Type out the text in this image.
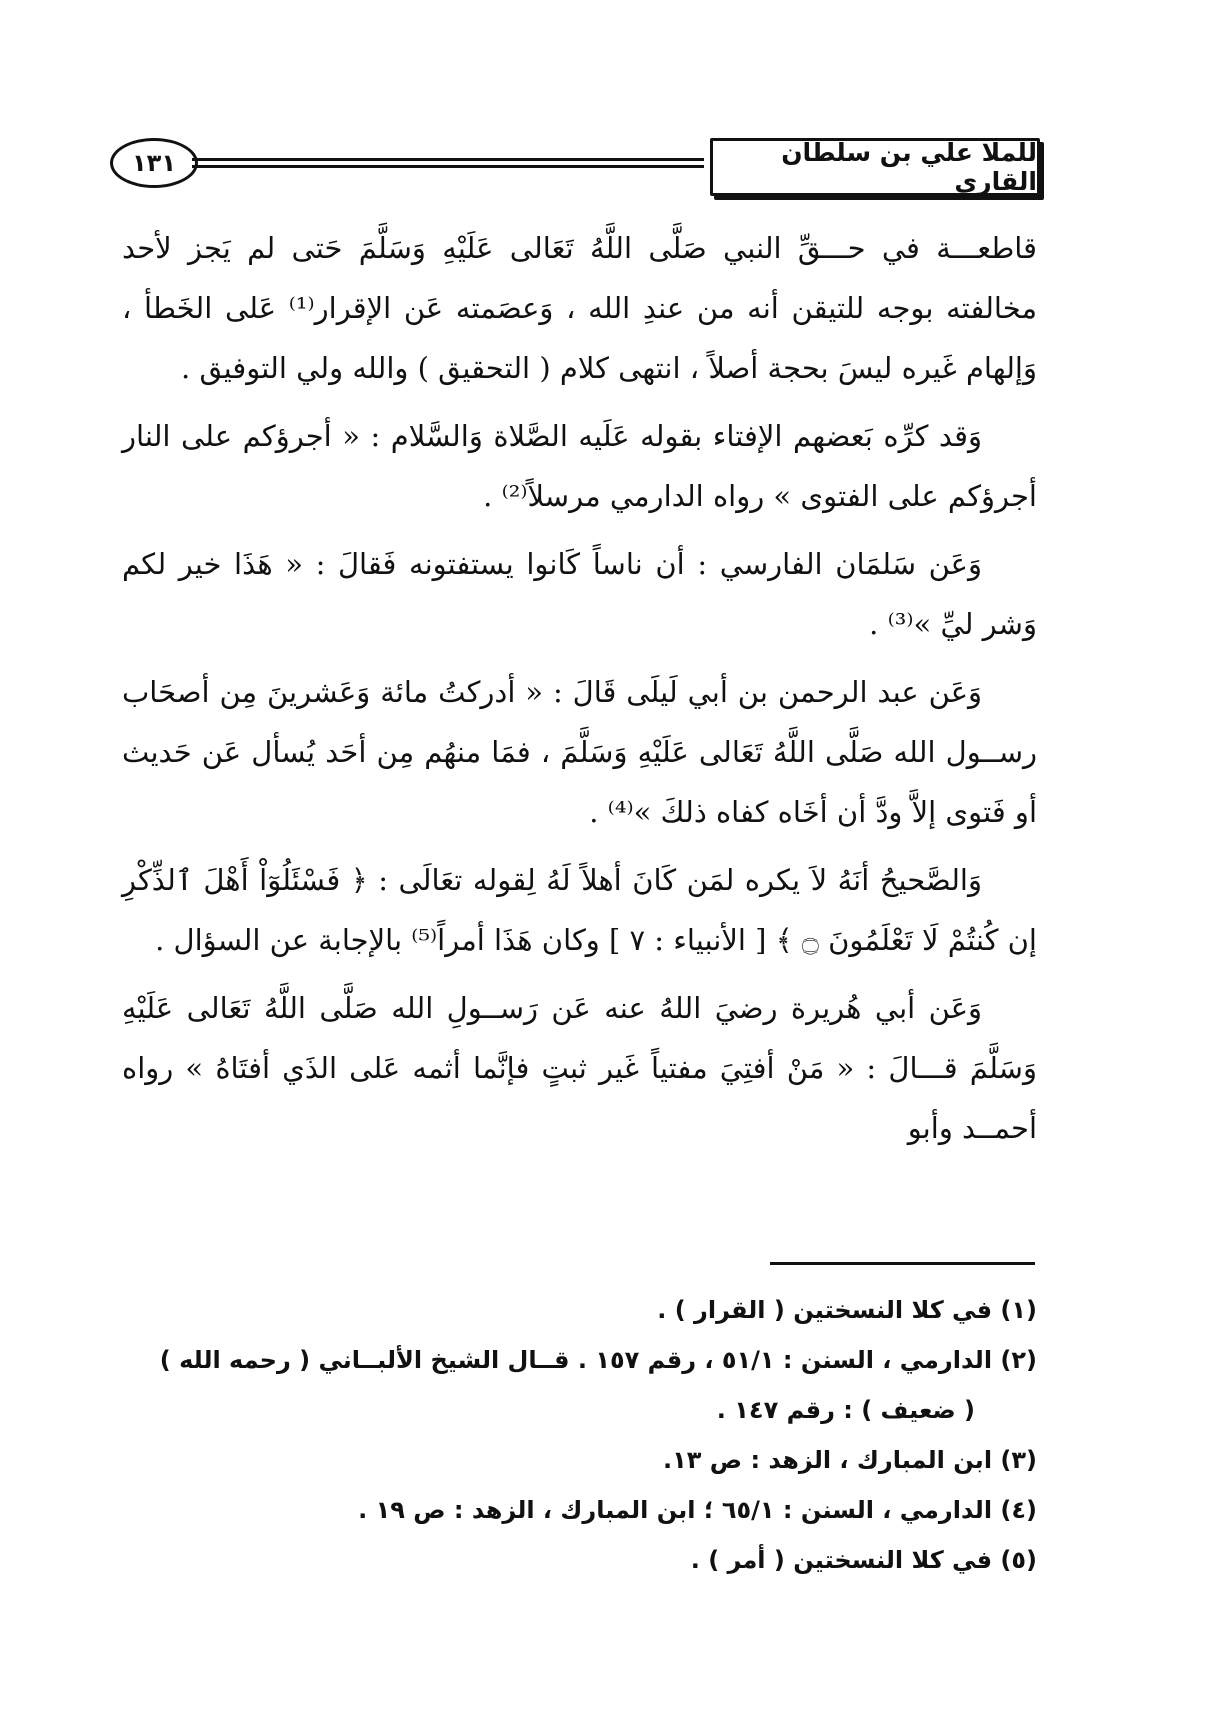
١٣١	للملا علي بن سلطان القاري

قاطعـــة في حـــقِّ النبي صَلَّى اللَّهُ تَعَالى عَلَيْهِ وَسَلَّمَ حَتى لم يَجز لأحد مخالفته بوجه للتيقن أنه من عندِ الله ، وَعصَمته عَن الإقرار⁽¹⁾ عَلى الخَطأ ، وَإلهام غَيره ليسَ بحجة أصلاً ، انتهى كلام ( التحقيق ) والله ولي التوفيق .

وَقد كرِّه بَعضهم الإفتاء بقوله عَلَيه الصَّلاة وَالسَّلام : « أجرؤكم على النار أجرؤكم على الفتوى » رواه الدارمي مرسلاً⁽²⁾ .

وَعَن سَلمَان الفارسي : أن ناساً كَانوا يستفتونه فَقالَ : « هَذَا خير لكم وَشر ليِّ »⁽³⁾ .

وَعَن عبد الرحمن بن أبي لَيلَى قَالَ : « أدركتُ مائة وَعَشرينَ مِن أصحَاب رســول الله صَلَّى اللَّهُ تَعَالى عَلَيْهِ وَسَلَّمَ ، فمَا منهُم مِن أحَد يُسأل عَن حَديث أو فَتوى إلاَّ ودَّ أن أخَاه كفاه ذلكَ »⁽⁴⁾ .

وَالصَّحيحُ أنَهُ لاَ يكره لمَن كَانَ أهلاً لَهُ لِقوله تعَالَى : ﴿ فَسْئَلُوٓاْ أَهْلَ ٱلذِّكْرِ إن كُنتُمْ لَا تَعْلَمُونَ ۝ ﴾ [ الأنبياء : ٧ ] وكان هَذَا أمراً⁽⁵⁾ بالإجابة عن السؤال .

وَعَن أبي هُريرة رضيَ اللهُ عنه عَن رَســولِ الله صَلَّى اللَّهُ تَعَالى عَلَيْهِ وَسَلَّمَ قـــالَ : « مَنْ أفتِيَ مفتياً غَير ثبتٍ فإنَّما أثمه عَلى الذَي أفتَاهُ » رواه أحمــد وأبو

(١) في كلا النسختين ( القرار ) .

(٢) الدارمي ، السنن : ٥١/١ ، رقم ١٥٧ . قــال الشيخ الألبــاني ( رحمه الله )

( ضعيف ) : رقم ١٤٧ .

(٣) ابن المبارك ، الزهد : ص ١٣.

(٤) الدارمي ، السنن : ٦٥/١ ؛ ابن المبارك ، الزهد : ص ١٩ .

(٥) في كلا النسختين ( أمر ) .
